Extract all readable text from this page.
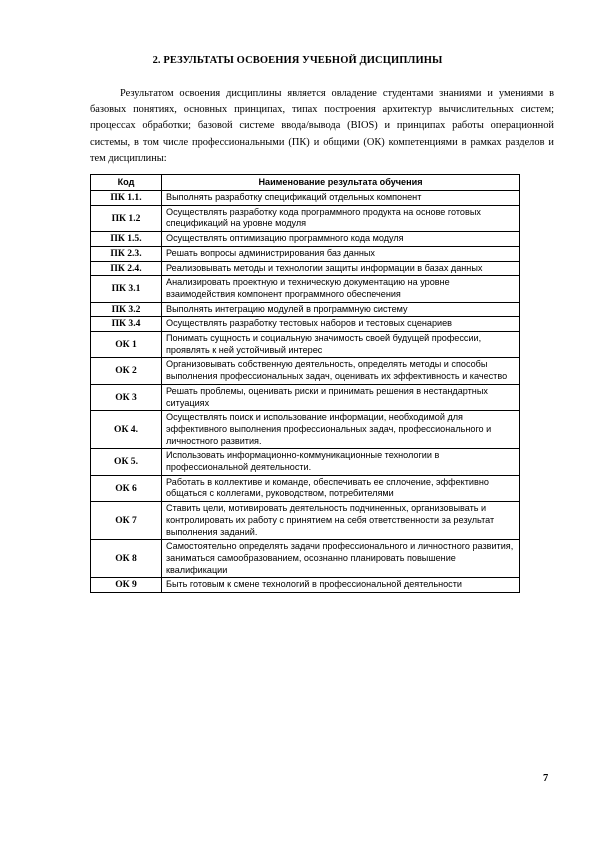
2. РЕЗУЛЬТАТЫ ОСВОЕНИЯ УЧЕБНОЙ ДИСЦИПЛИНЫ

Результатом освоения дисциплины является овладение студентами знаниями и умениями в базовых понятиях, основных принципах, типах построения архитектур вычислительных систем; процессах обработки; базовой системе ввода/вывода (BIOS) и принципах работы операционной системы, в том числе профессиональными (ПК) и общими (ОК) компетенциями в рамках разделов и тем дисциплины:

Код	Наименование результата обучения
ПК 1.1.	Выполнять разработку спецификаций отдельных компонент
ПК 1.2	Осуществлять разработку кода программного продукта на основе готовых спецификаций на уровне модуля
ПК 1.5.	Осуществлять оптимизацию программного кода модуля
ПК 2.3.	Решать вопросы администрирования баз данных
ПК 2.4.	Реализовывать методы и технологии защиты информации в базах данных
ПК 3.1	Анализировать проектную и техническую документацию на уровне взаимодействия компонент программного обеспечения
ПК 3.2	Выполнять интеграцию модулей в программную систему
ПК 3.4	Осуществлять разработку тестовых наборов и тестовых сценариев
ОК 1	Понимать сущность и социальную значимость своей будущей профессии, проявлять к ней устойчивый интерес
ОК 2	Организовывать собственную деятельность, определять методы и способы выполнения профессиональных задач, оценивать их эффективность и качество
ОК 3	Решать проблемы, оценивать риски и принимать решения в нестандартных ситуациях
ОК 4.	Осуществлять поиск и использование информации, необходимой для эффективного выполнения профессиональных задач, профессионального и личностного развития.
ОК 5.	Использовать информационно-коммуникационные технологии в профессиональной деятельности.
ОК 6	Работать в коллективе и команде, обеспечивать ее сплочение, эффективно общаться с коллегами, руководством, потребителями
ОК 7	Ставить цели, мотивировать деятельность подчиненных, организовывать и контролировать их работу с принятием на себя ответственности за результат выполнения заданий.
ОК 8	Самостоятельно определять задачи профессионального и личностного развития, заниматься самообразованием, осознанно планировать повышение квалификации
ОК 9	Быть готовым к смене технологий в профессиональной деятельности
7
